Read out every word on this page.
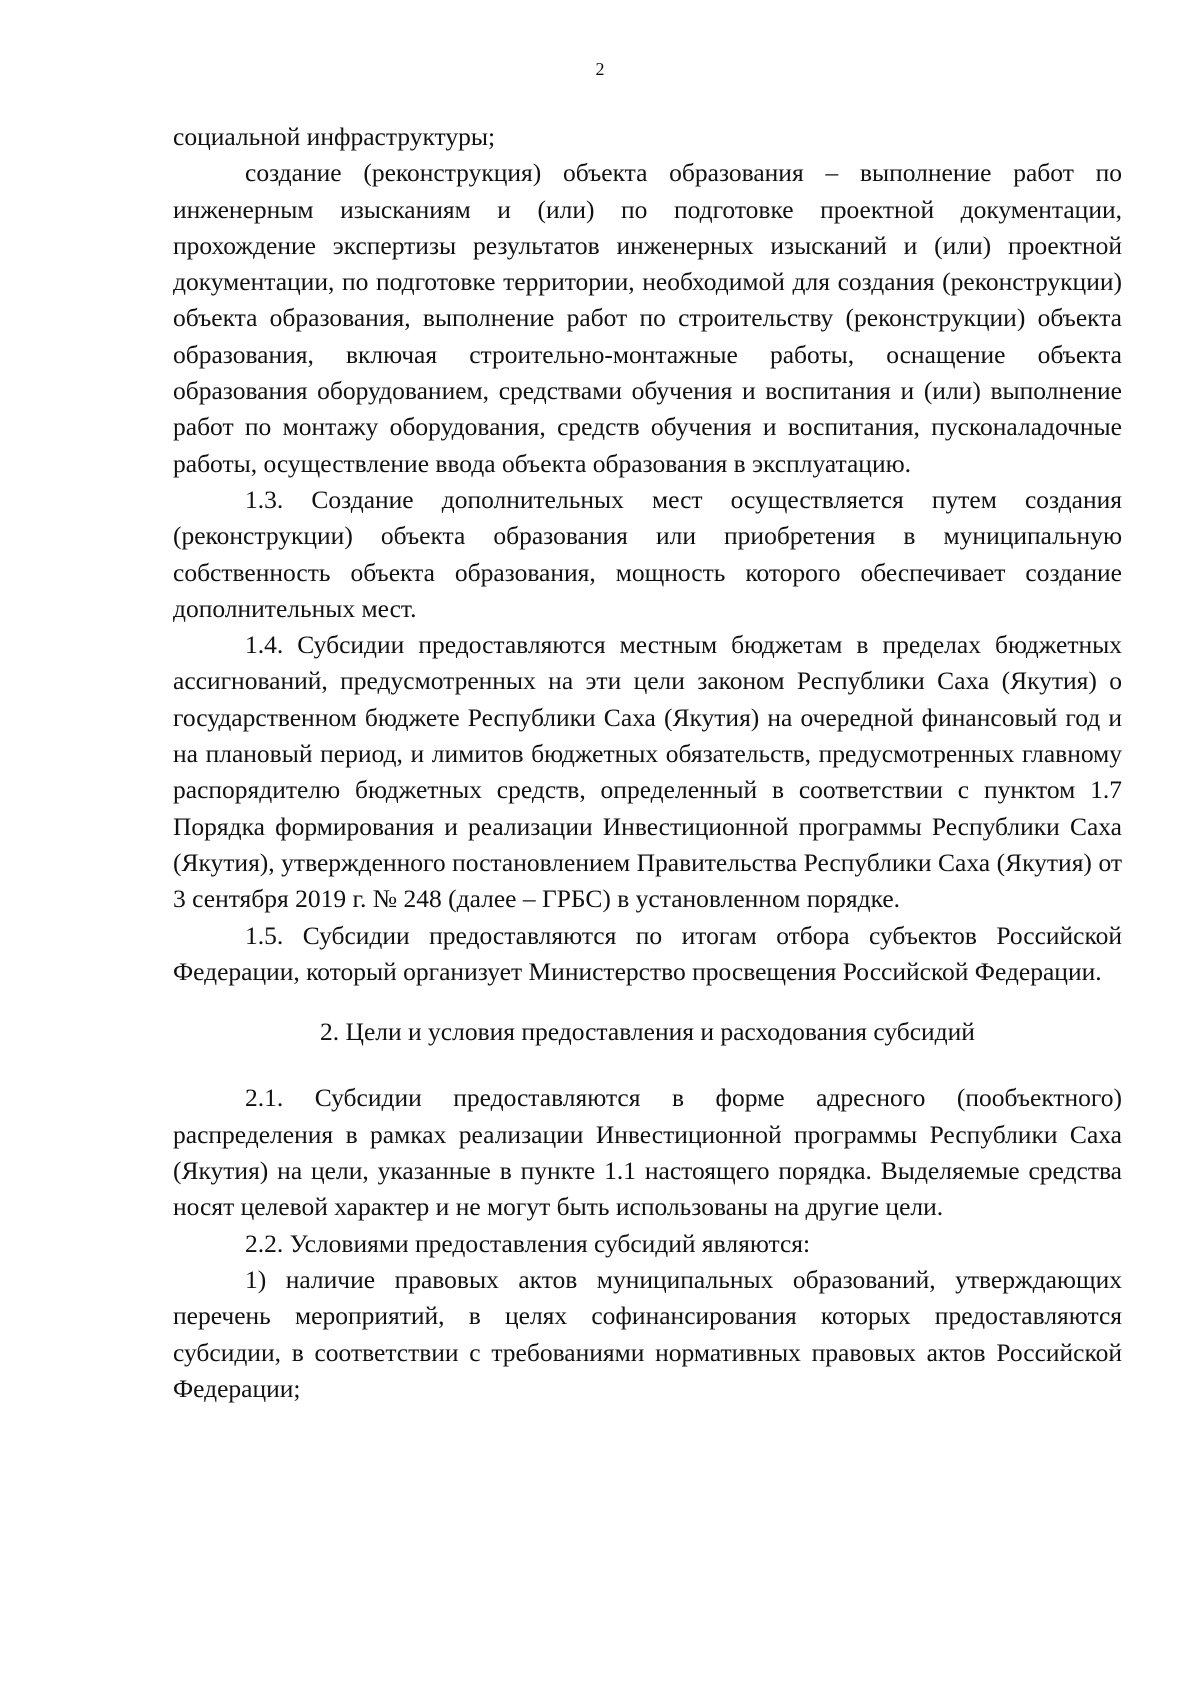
2

социальной инфраструктуры;

создание (реконструкция) объекта образования – выполнение работ по инженерным изысканиям и (или) по подготовке проектной документации, прохождение экспертизы результатов инженерных изысканий и (или) проектной документации, по подготовке территории, необходимой для создания (реконструкции) объекта образования, выполнение работ по строительству (реконструкции) объекта образования, включая строительно-монтажные работы, оснащение объекта образования оборудованием, средствами обучения и воспитания и (или) выполнение работ по монтажу оборудования, средств обучения и воспитания, пусконаладочные работы, осуществление ввода объекта образования в эксплуатацию.

1.3. Создание дополнительных мест осуществляется путем создания (реконструкции) объекта образования или приобретения в муниципальную собственность объекта образования, мощность которого обеспечивает создание дополнительных мест.

1.4. Субсидии предоставляются местным бюджетам в пределах бюджетных ассигнований, предусмотренных на эти цели законом Республики Саха (Якутия) о государственном бюджете Республики Саха (Якутия) на очередной финансовый год и на плановый период, и лимитов бюджетных обязательств, предусмотренных главному распорядителю бюджетных средств, определенный в соответствии с пунктом 1.7 Порядка формирования и реализации Инвестиционной программы Республики Саха (Якутия), утвержденного постановлением Правительства Республики Саха (Якутия) от 3 сентября 2019 г. № 248 (далее – ГРБС) в установленном порядке.

1.5. Субсидии предоставляются по итогам отбора субъектов Российской Федерации, который организует Министерство просвещения Российской Федерации.

2. Цели и условия предоставления и расходования субсидий

2.1. Субсидии предоставляются в форме адресного (пообъектного) распределения в рамках реализации Инвестиционной программы Республики Саха (Якутия) на цели, указанные в пункте 1.1 настоящего порядка. Выделяемые средства носят целевой характер и не могут быть использованы на другие цели.

2.2. Условиями предоставления субсидий являются:

1) наличие правовых актов муниципальных образований, утверждающих перечень мероприятий, в целях софинансирования которых предоставляются субсидии, в соответствии с требованиями нормативных правовых актов Российской Федерации;
